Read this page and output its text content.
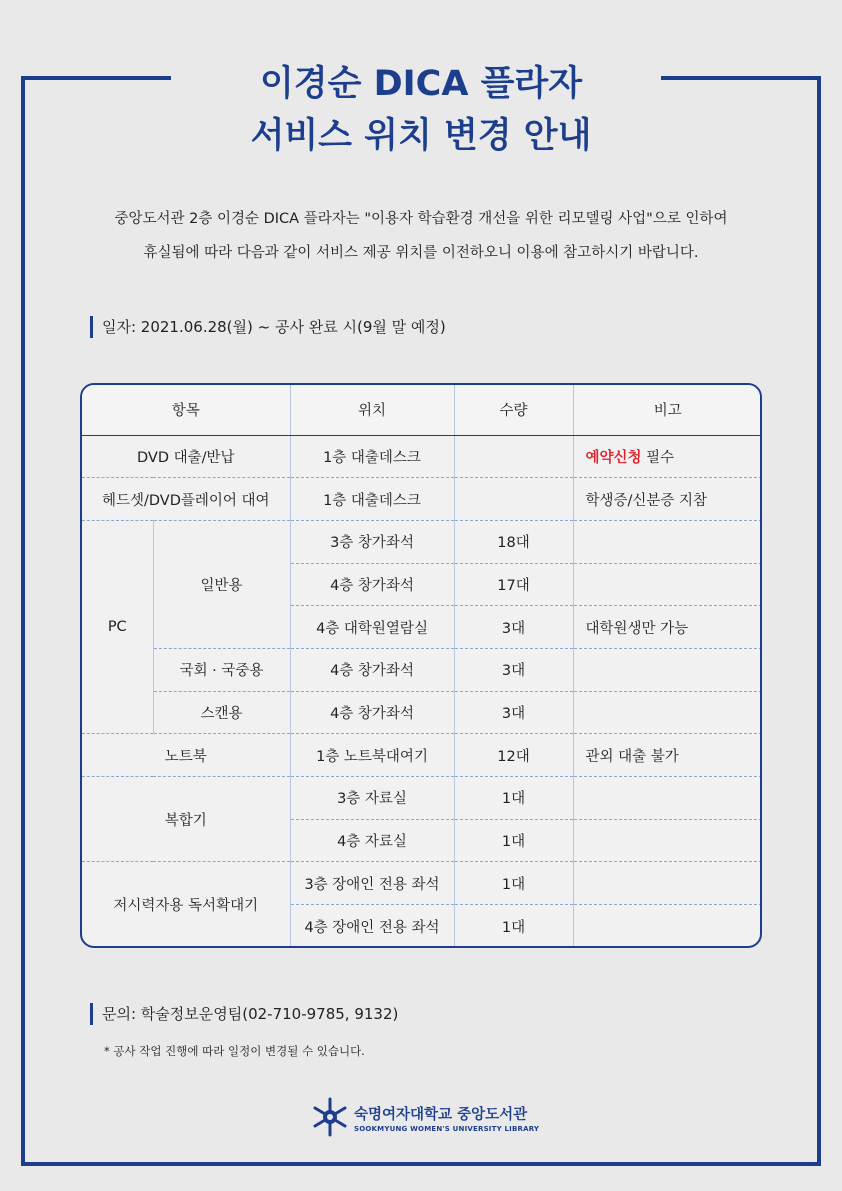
이경순 DICA 플라자
서비스 위치 변경 안내
중앙도서관 2층 이경순 DICA 플라자는 "이용자 학습환경 개선을 위한 리모델링 사업"으로 인하여
휴실됨에 따라 다음과 같이 서비스 제공 위치를 이전하오니 이용에 참고하시기 바랍니다.
일자: 2021.06.28(월) ~ 공사 완료 시(9월 말 예정)
항목		위치	수량	비고
DVD 대출/반납		1층 대출데스크		예약신청 필수
헤드셋/DVD플레이어 대여		1층 대출데스크		학생증/신분증 지참
PC	일반용	3층 창가좌석	18대	
		4층 창가좌석	17대	
		4층 대학원열람실	3대	대학원생만 가능
	국회 · 국중용	4층 창가좌석	3대	
	스캔용	4층 창가좌석	3대	
노트북		1층 노트북대여기	12대	관외 대출 불가
복합기		3층 자료실	1대	
		4층 자료실	1대	
저시력자용 독서확대기		3층 장애인 전용 좌석	1대	
		4층 장애인 전용 좌석	1대	
문의: 학술정보운영팀(02-710-9785, 9132)
* 공사 작업 진행에 따라 일정이 변경될 수 있습니다.
숙명여자대학교 중앙도서관
SOOKMYUNG WOMEN'S UNIVERSITY LIBRARY
